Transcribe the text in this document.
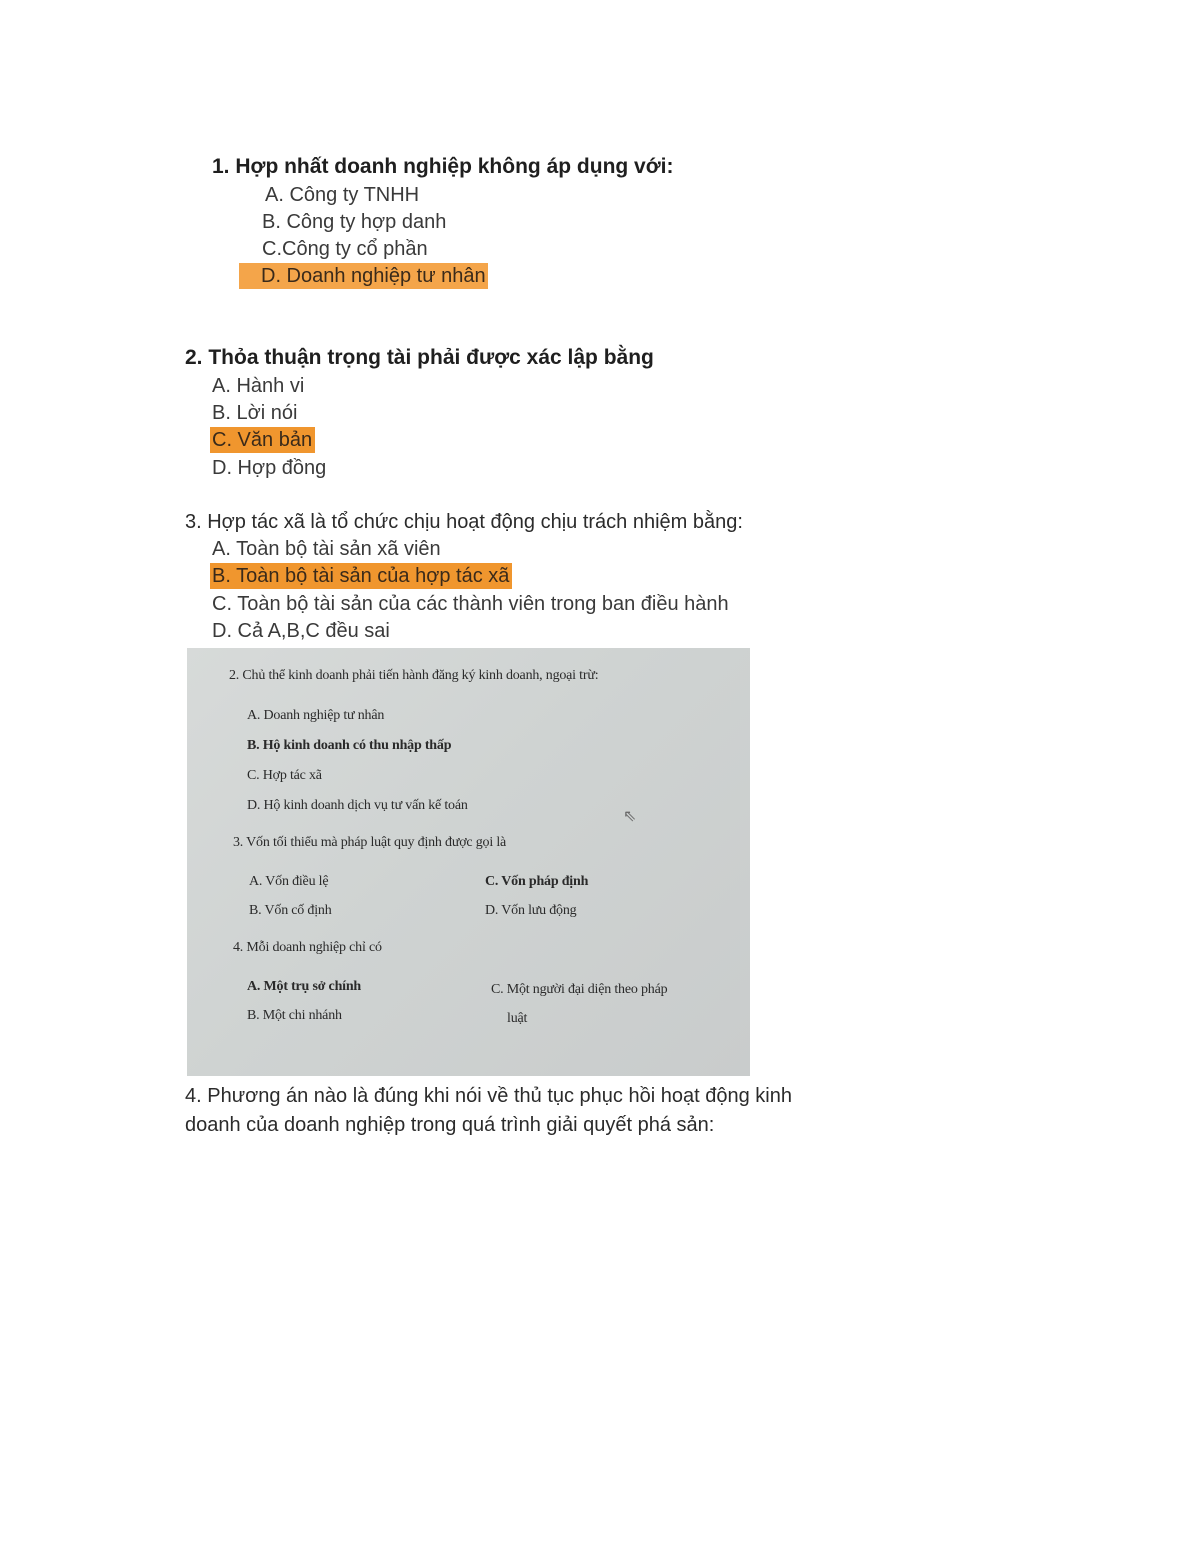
1. Hợp nhất doanh nghiệp không áp dụng với:
A. Công ty TNHH
B. Công ty hợp danh
C.Công ty cổ phần
D. Doanh nghiệp tư nhân
2. Thỏa thuận trọng tài phải được xác lập bằng
A. Hành vi
B. Lời nói
C. Văn bản
D. Hợp đồng
3. Hợp tác xã là tổ chức chịu hoạt động chịu trách nhiệm bằng:
A. Toàn bộ tài sản xã viên
B. Toàn bộ tài sản của hợp tác xã
C. Toàn bộ tài sản của các thành viên trong ban điều hành
D. Cả A,B,C đều sai
2. Chủ thể kinh doanh phải tiến hành đăng ký kinh doanh, ngoại trừ:
A. Doanh nghiệp tư nhân
B. Hộ kinh doanh có thu nhập thấp
C. Hợp tác xã
D. Hộ kinh doanh dịch vụ tư vấn kế toán
⇖
3. Vốn tối thiểu mà pháp luật quy định được gọi là
A. Vốn điều lệ	C. Vốn pháp định
B. Vốn cố định	D. Vốn lưu động
4. Mỗi doanh nghiệp chỉ có
A. Một trụ sở chính	C. Một người đại diện theo pháp
B. Một chi nhánh	luật
4. Phương án nào là đúng khi nói về thủ tục phục hồi hoạt động kinh
doanh của doanh nghiệp trong quá trình giải quyết phá sản:
